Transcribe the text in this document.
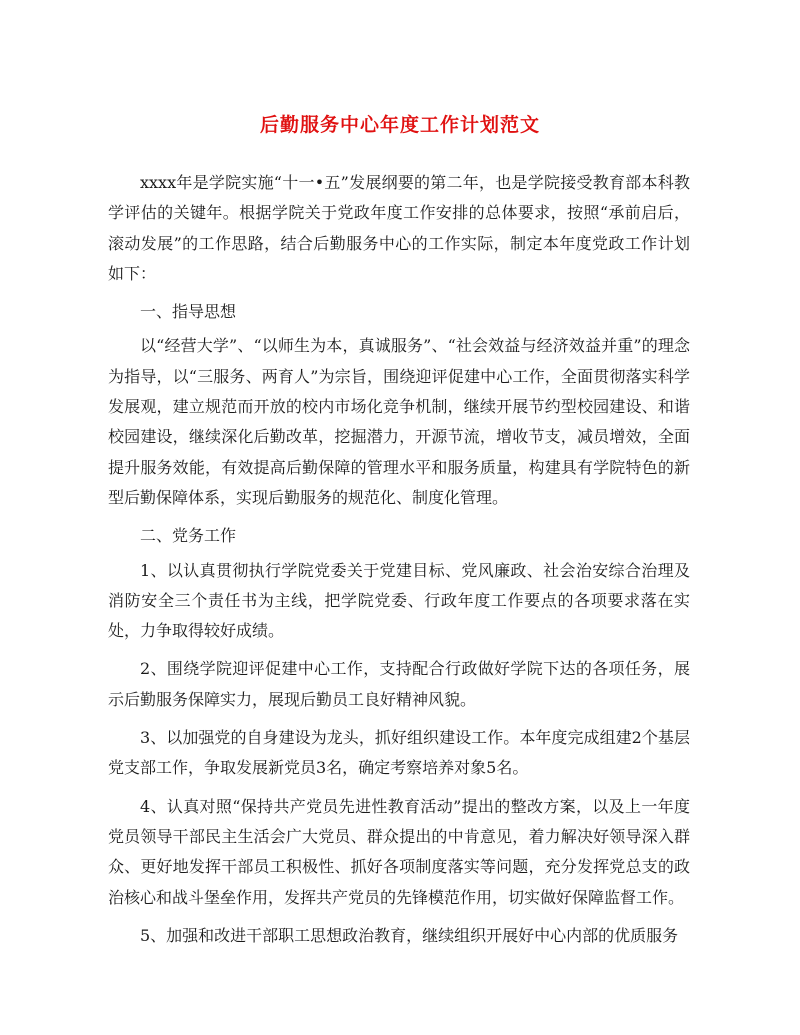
后勤服务中心年度工作计划范文

xxxx年是学院实施“十一•五”发展纲要的第二年，也是学院接受教育部本科教学评估的关键年。根据学院关于党政年度工作安排的总体要求，按照“承前启后，滚动发展”的工作思路，结合后勤服务中心的工作实际，制定本年度党政工作计划如下：

一、指导思想

以“经营大学”、“以师生为本，真诚服务”、“社会效益与经济效益并重”的理念为指导，以“三服务、两育人”为宗旨，围绕迎评促建中心工作，全面贯彻落实科学发展观，建立规范而开放的校内市场化竞争机制，继续开展节约型校园建设、和谐校园建设，继续深化后勤改革，挖掘潜力，开源节流，增收节支，减员增效，全面提升服务效能，有效提高后勤保障的管理水平和服务质量，构建具有学院特色的新型后勤保障体系，实现后勤服务的规范化、制度化管理。

二、党务工作

1、以认真贯彻执行学院党委关于党建目标、党风廉政、社会治安综合治理及消防安全三个责任书为主线，把学院党委、行政年度工作要点的各项要求落在实处，力争取得较好成绩。

2、围绕学院迎评促建中心工作，支持配合行政做好学院下达的各项任务，展示后勤服务保障实力，展现后勤员工良好精神风貌。

3、以加强党的自身建设为龙头，抓好组织建设工作。本年度完成组建2个基层党支部工作，争取发展新党员3名，确定考察培养对象5名。

4、认真对照“保持共产党员先进性教育活动”提出的整改方案，以及上一年度党员领导干部民主生活会广大党员、群众提出的中肯意见，着力解决好领导深入群众、更好地发挥干部员工积极性、抓好各项制度落实等问题，充分发挥党总支的政治核心和战斗堡垒作用，发挥共产党员的先锋模范作用，切实做好保障监督工作。

5、加强和改进干部职工思想政治教育，继续组织开展好中心内部的优质服务
